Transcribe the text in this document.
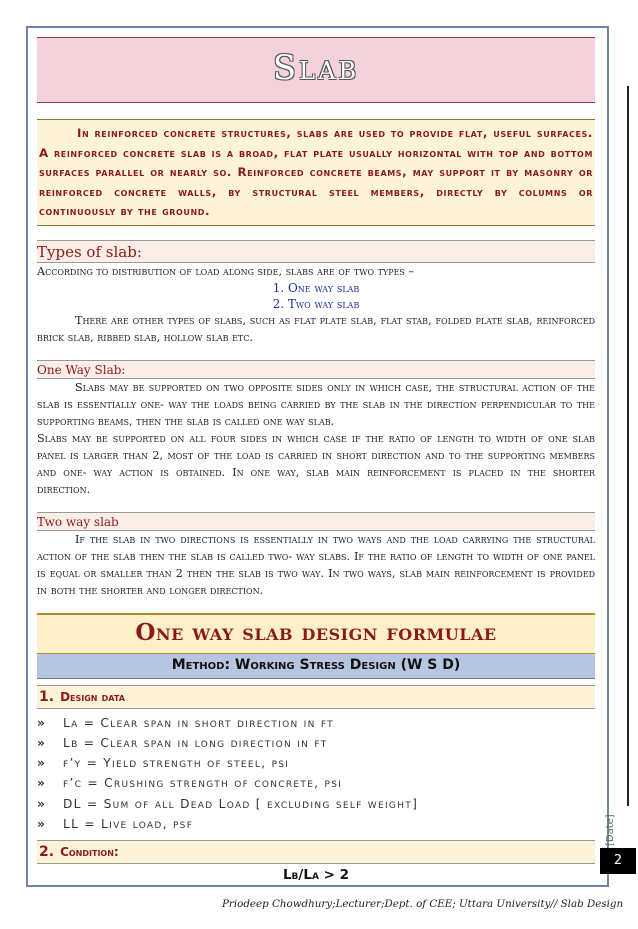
Slab

In reinforced concrete structures, slabs are used to provide flat, useful surfaces. A reinforced concrete slab is a broad, flat plate usually horizontal with top and bottom surfaces parallel or nearly so. Reinforced concrete beams, may support it by masonry or reinforced concrete walls, by structural steel members, directly by columns or continuously by the ground.

Types of slab:

According to distribution of load along side, slabs are of two types –

1. One way slab
2. Two way slab

There are other types of slabs, such as flat plate slab, flat stab, folded plate slab, reinforced brick slab, ribbed slab, hollow slab etc.

One Way Slab:

Slabs may be supported on two opposite sides only in which case, the structural action of the slab is essentially one- way the loads being carried by the slab in the direction perpendicular to the supporting beams, then the slab is called one way slab.

Slabs may be supported on all four sides in which case if the ratio of length to width of one slab panel is larger than 2, most of the load is carried in short direction and to the supporting members and one- way action is obtained. In one way, slab main reinforcement is placed in the shorter direction.

Two way slab

If the slab in two directions is essentially in two ways and the load carrying the structural action of the slab then the slab is called two- way slabs. If the ratio of length to width of one panel is equal or smaller than 2 then the slab is two way. In two ways, slab main reinforcement is provided in both the shorter and longer direction.

One way slab design formulae
Method: Working Stress Design (W S D)
1. Design data
» La = Clear span in short direction in ft
» Lb = Clear span in long direction in ft
» f’y = Yield strength of steel, psi
» f’c = Crushing strength of concrete, psi
» DL = Sum of all Dead Load [ excluding self weight]
» LL = Live load, psf
2. Condition:
Lb/La > 2
[Date]
2
Priodeep Chowdhury;Lecturer;Dept. of CEE; Uttara University// Slab Design
